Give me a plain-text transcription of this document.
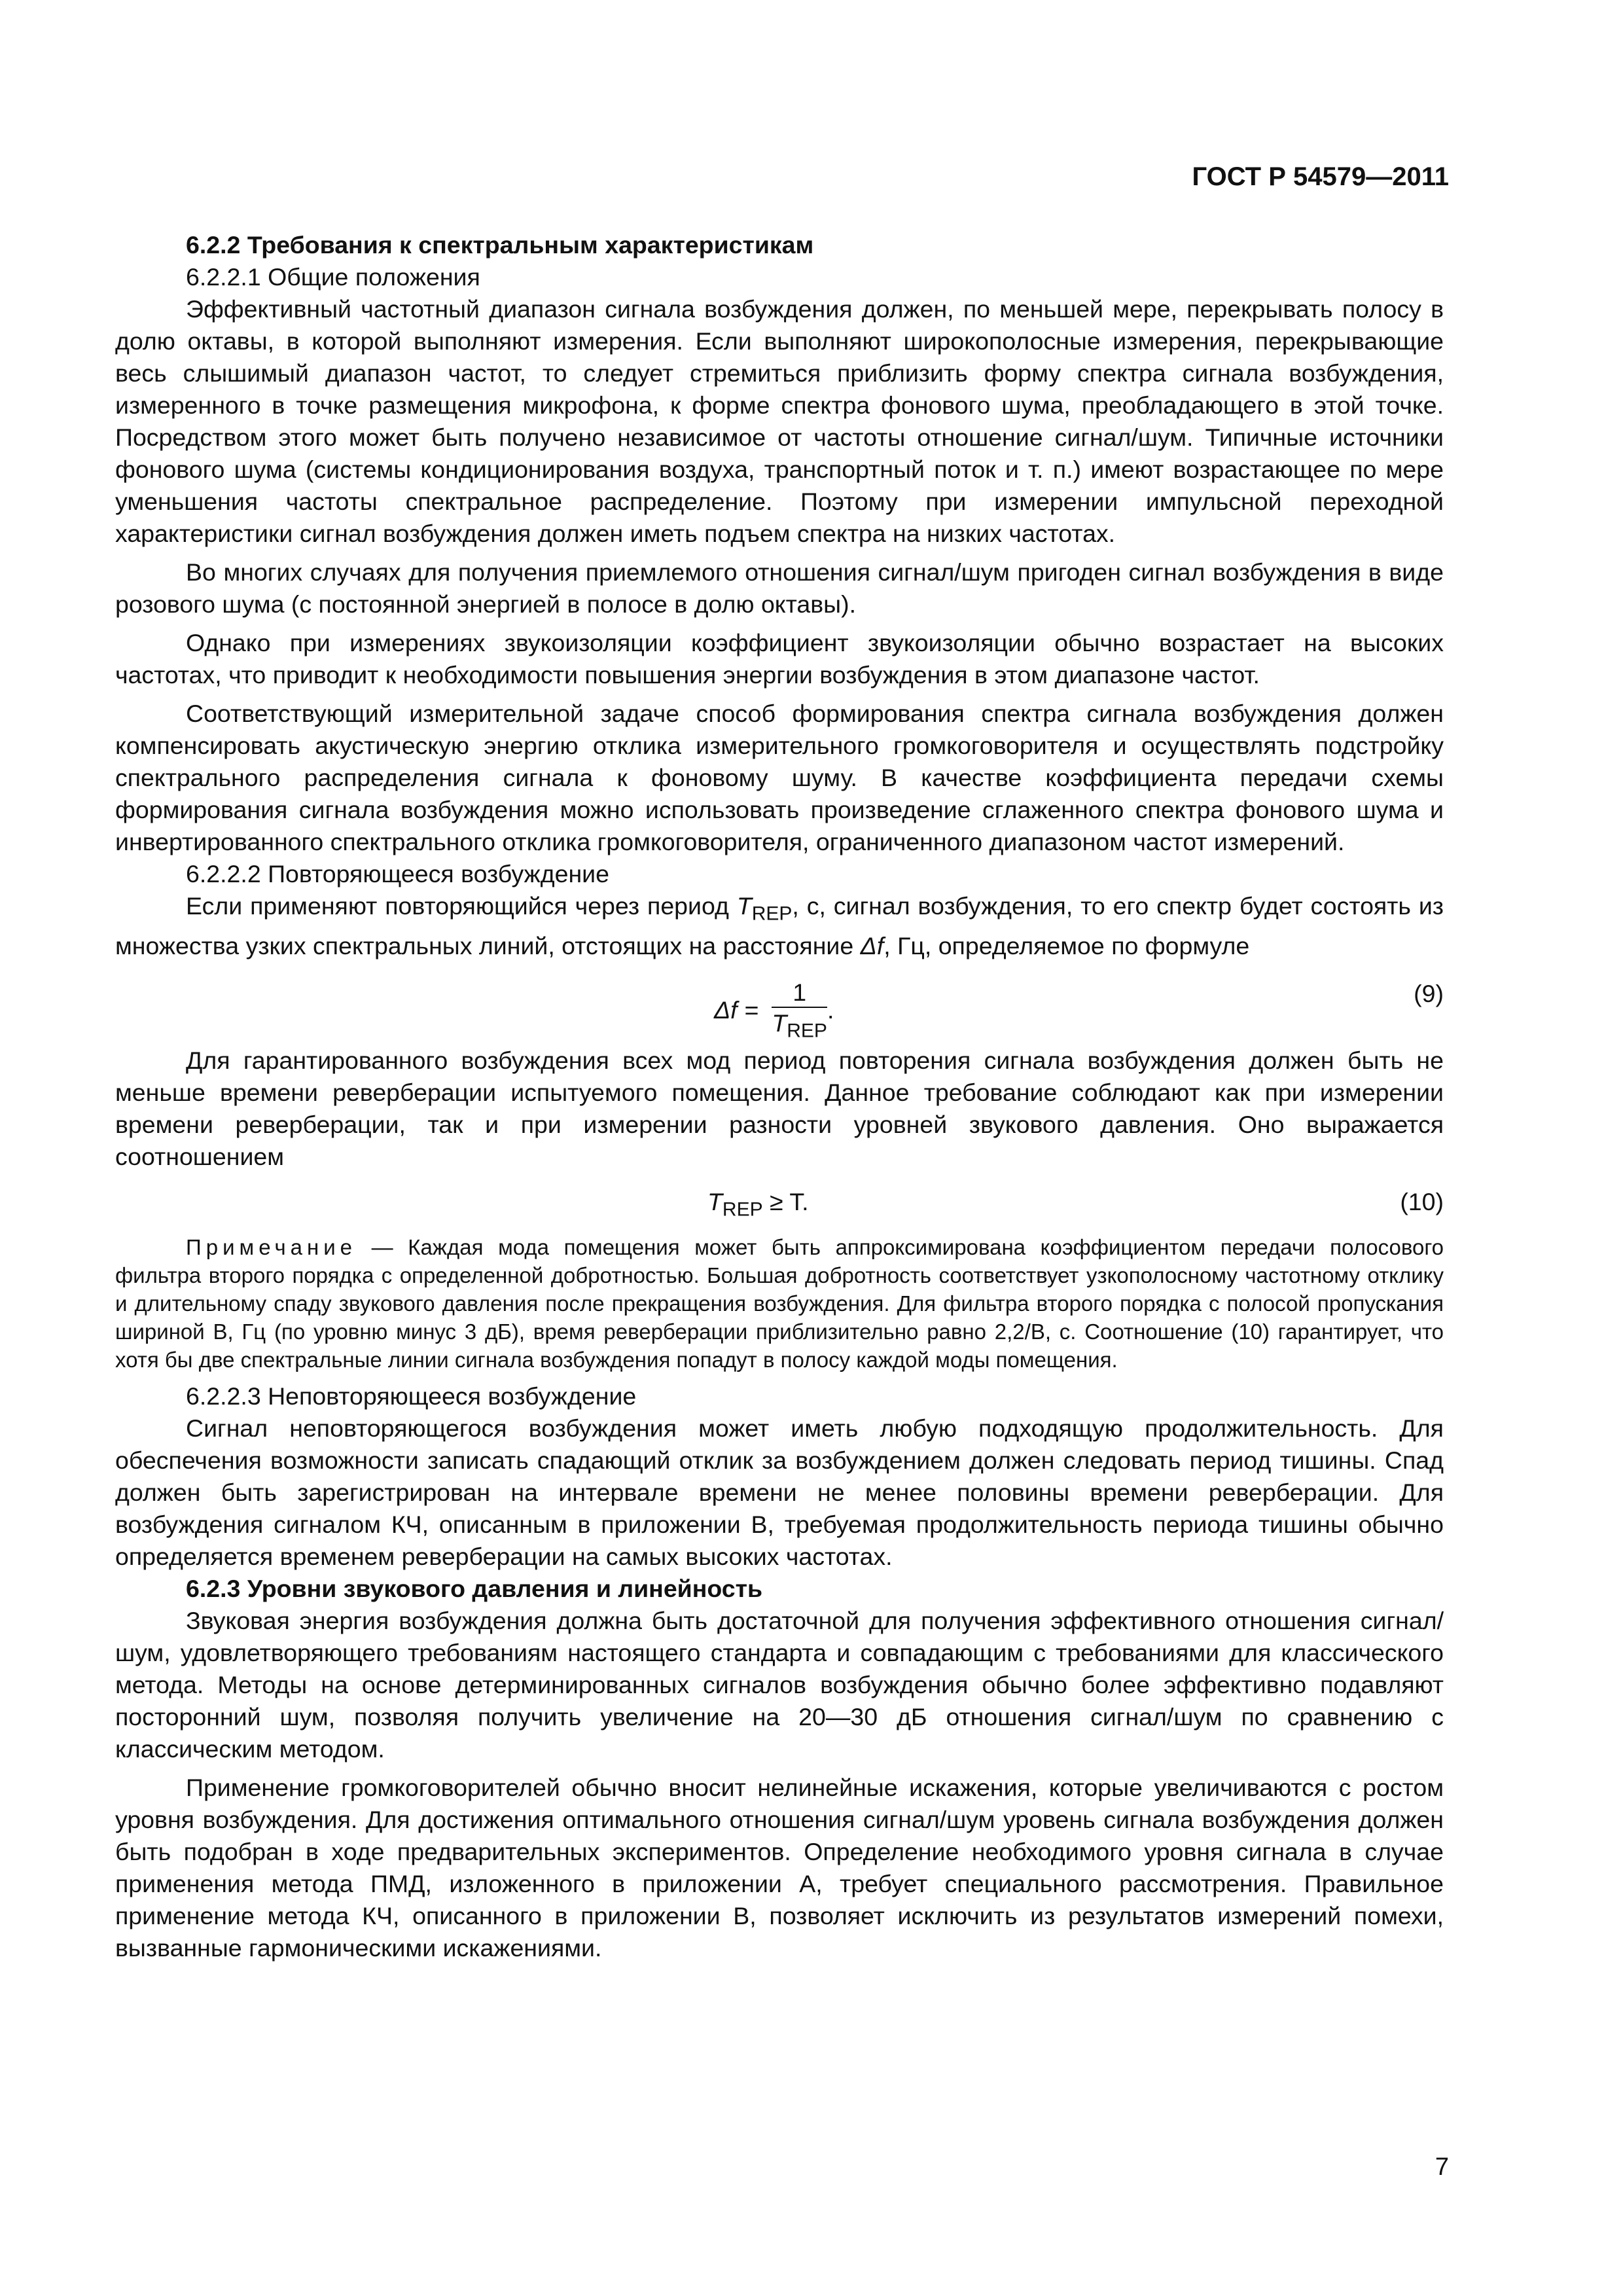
ГОСТ Р 54579—2011

6.2.2 Требования к спектральным характеристикам

6.2.2.1 Общие положения

Эффективный частотный диапазон сигнала возбуждения должен, по меньшей мере, перекрывать полосу в долю октавы, в которой выполняют измерения. Если выполняют широкополосные измерения, перекрывающие весь слышимый диапазон частот, то следует стремиться приблизить форму спектра сигнала возбуждения, измеренного в точке размещения микрофона, к форме спектра фонового шума, преобладающего в этой точке. Посредством этого может быть получено независимое от частоты отношение сигнал/шум. Типичные источники фонового шума (системы кондиционирования воздуха, транспортный поток и т. п.) имеют возрастающее по мере уменьшения частоты спектральное распределение. Поэтому при измерении импульсной переходной характеристики сигнал возбуждения должен иметь подъем спектра на низких частотах.

Во многих случаях для получения приемлемого отношения сигнал/шум пригоден сигнал возбуждения в виде розового шума (с постоянной энергией в полосе в долю октавы).

Однако при измерениях звукоизоляции коэффициент звукоизоляции обычно возрастает на высоких частотах, что приводит к необходимости повышения энергии возбуждения в этом диапазоне частот.

Соответствующий измерительной задаче способ формирования спектра сигнала возбуждения должен компенсировать акустическую энергию отклика измерительного громкоговорителя и осуществлять подстройку спектрального распределения сигнала к фоновому шуму. В качестве коэффициента передачи схемы формирования сигнала возбуждения можно использовать произведение сглаженного спектра фонового шума и инвертированного спектрального отклика громкоговорителя, ограниченного диапазоном частот измерений.

6.2.2.2 Повторяющееся возбуждение

Если применяют повторяющийся через период $T_{REP}$, с, сигнал возбуждения, то его спектр будет состоять из множества узких спектральных линий, отстоящих на расстояние Δf, Гц, определяемое по формуле

$\Delta f = \frac{1}{T_{REP}}$ .
(9)

Для гарантированного возбуждения всех мод период повторения сигнала возбуждения должен быть не меньше времени реверберации испытуемого помещения. Данное требование соблюдают как при измерении времени реверберации, так и при измерении разности уровней звукового давления. Оно выражается соотношением

$T_{REP} \ge T$.	(10)

Примечание — Каждая мода помещения может быть аппроксимирована коэффициентом передачи полосового фильтра второго порядка с определенной добротностью. Большая добротность соответствует узкополосному частотному отклику и длительному спаду звукового давления после прекращения возбуждения. Для фильтра второго порядка с полосой пропускания шириной B, Гц (по уровню минус 3 дБ), время реверберации приблизительно равно 2,2/B, с. Соотношение (10) гарантирует, что хотя бы две спектральные линии сигнала возбуждения попадут в полосу каждой моды помещения.

6.2.2.3 Неповторяющееся возбуждение

Сигнал неповторяющегося возбуждения может иметь любую подходящую продолжительность. Для обеспечения возможности записать спадающий отклик за возбуждением должен следовать период тишины. Спад должен быть зарегистрирован на интервале времени не менее половины времени реверберации. Для возбуждения сигналом КЧ, описанным в приложении В, требуемая продолжительность периода тишины обычно определяется временем реверберации на самых высоких частотах.

6.2.3 Уровни звукового давления и линейность

Звуковая энергия возбуждения должна быть достаточной для получения эффективного отношения сигнал/шум, удовлетворяющего требованиям настоящего стандарта и совпадающим с требованиями для классического метода. Методы на основе детерминированных сигналов возбуждения обычно более эффективно подавляют посторонний шум, позволяя получить увеличение на 20—30 дБ отношения сигнал/шум по сравнению с классическим методом.

Применение громкоговорителей обычно вносит нелинейные искажения, которые увеличиваются с ростом уровня возбуждения. Для достижения оптимального отношения сигнал/шум уровень сигнала возбуждения должен быть подобран в ходе предварительных экспериментов. Определение необходимого уровня сигнала в случае применения метода ПМД, изложенного в приложении А, требует специального рассмотрения. Правильное применение метода КЧ, описанного в приложении В, позволяет исключить из результатов измерений помехи, вызванные гармоническими искажениями.

7
